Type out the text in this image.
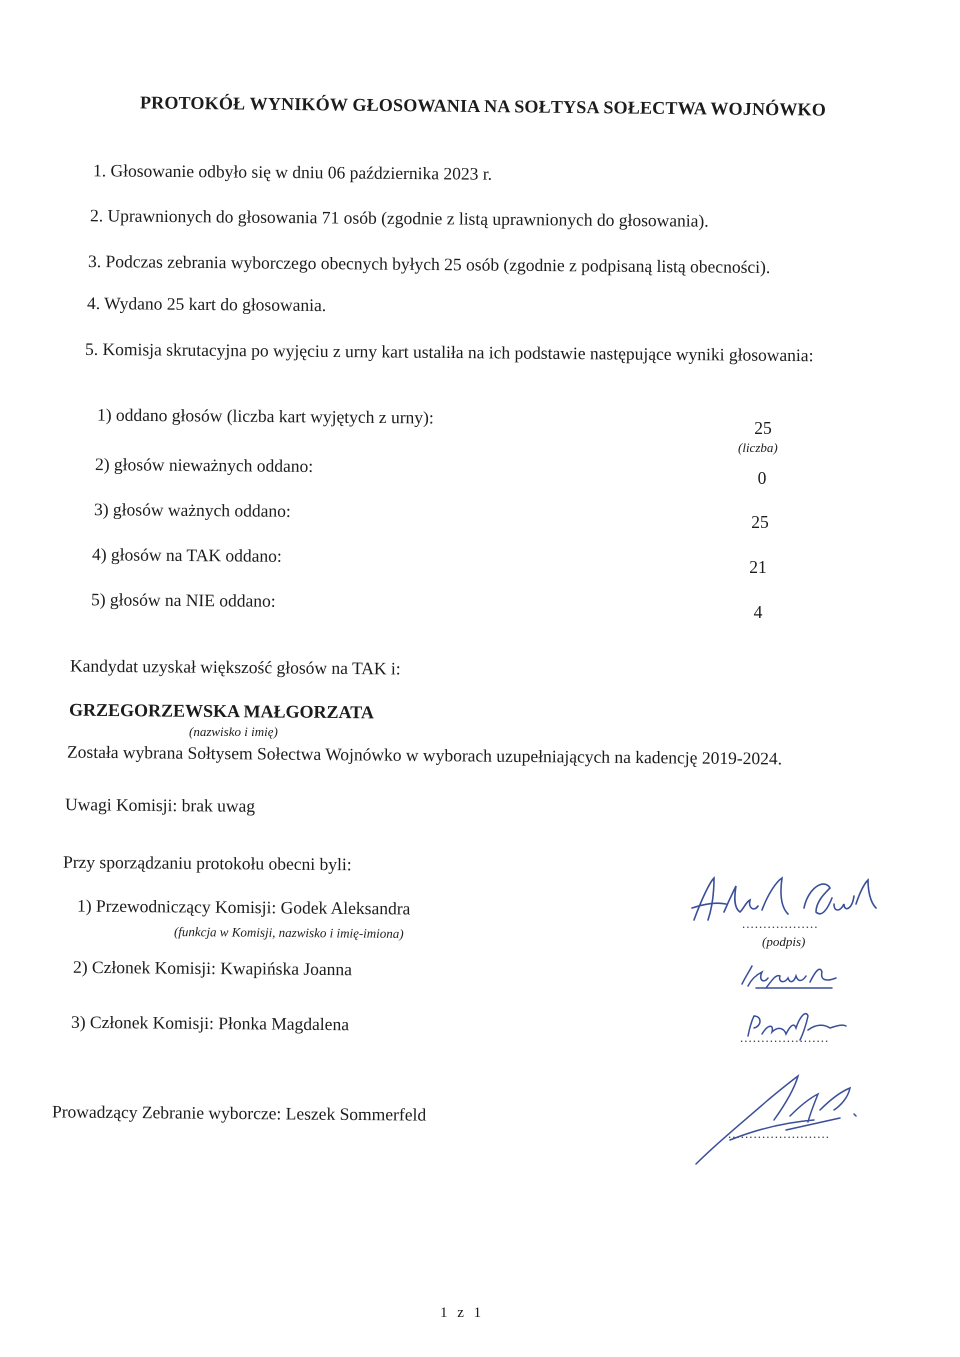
PROTOKÓŁ WYNIKÓW GŁOSOWANIA NA SOŁTYSA SOŁECTWA WOJNÓWKO
1. Głosowanie odbyło się w dniu 06 października 2023 r.
2. Uprawnionych do głosowania 71 osób (zgodnie z listą uprawnionych do głosowania).
3. Podczas zebrania wyborczego obecnych byłych 25 osób (zgodnie z podpisaną listą obecności).
4. Wydano 25 kart do głosowania.
5. Komisja skrutacyjna po wyjęciu z urny kart ustaliła na ich podstawie następujące wyniki głosowania:
1) oddano głosów (liczba kart wyjętych z urny):
25
(liczba)
2) głosów nieważnych oddano:
0
3) głosów ważnych oddano:
25
4) głosów na TAK oddano:
21
5) głosów na NIE oddano:
4
Kandydat uzyskał większość głosów na TAK i:
GRZEGORZEWSKA MAŁGORZATA
(nazwisko i imię)
Została wybrana Sołtysem Sołectwa Wojnówko w wyborach uzupełniających na kadencję 2019-2024.
Uwagi Komisji: brak uwag
Przy sporządzaniu protokołu obecni byli:
1) Przewodniczący Komisji: Godek Aleksandra
(funkcja w Komisji, nazwisko i imię-imiona)
2) Członek Komisji: Kwapińska Joanna
3) Członek Komisji: Płonka Magdalena
Prowadzący Zebranie wyborcze: Leszek Sommerfeld
..................
(podpis)
.....................
........................
1 z 1
